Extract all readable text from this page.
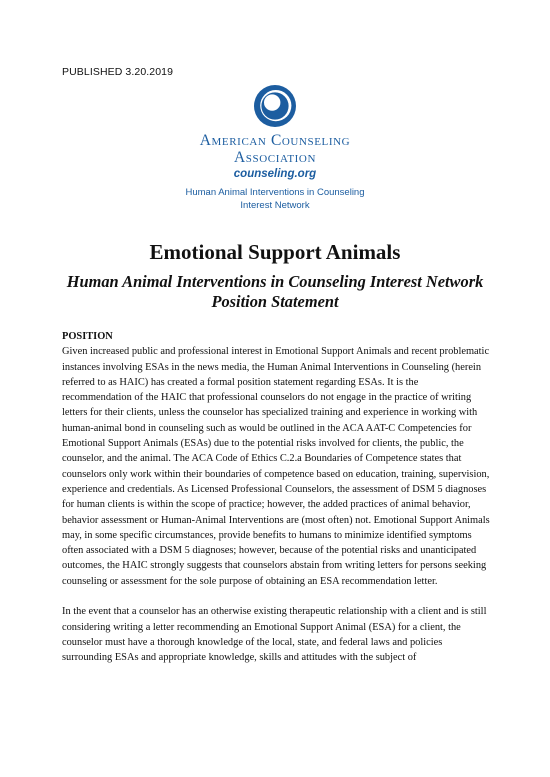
PUBLISHED 3.20.2019
American Counseling
Association
counseling.org
Human Animal Interventions in Counseling
Interest Network
Emotional Support Animals
Human Animal Interventions in Counseling Interest Network
Position Statement
POSITION

Given increased public and professional interest in Emotional Support Animals and recent problematic instances involving ESAs in the news media, the Human Animal Interventions in Counseling (herein referred to as HAIC) has created a formal position statement regarding ESAs. It is the recommendation of the HAIC that professional counselors do not engage in the practice of writing letters for their clients, unless the counselor has specialized training and experience in working with human-animal bond in counseling such as would be outlined in the ACA AAT-C Competencies for Emotional Support Animals (ESAs) due to the potential risks involved for clients, the public, the counselor, and the animal. The ACA Code of Ethics C.2.a Boundaries of Competence states that counselors only work within their boundaries of competence based on education, training, supervision, experience and credentials. As Licensed Professional Counselors, the assessment of DSM 5 diagnoses for human clients is within the scope of practice; however, the added practices of animal behavior, behavior assessment or Human-Animal Interventions are (most often) not. Emotional Support Animals may, in some specific circumstances, provide benefits to humans to minimize identified symptoms often associated with a DSM 5 diagnoses; however, because of the potential risks and unanticipated outcomes, the HAIC strongly suggests that counselors abstain from writing letters for persons seeking counseling or assessment for the sole purpose of obtaining an ESA recommendation letter.

In the event that a counselor has an otherwise existing therapeutic relationship with a client and is still considering writing a letter recommending an Emotional Support Animal (ESA) for a client, the counselor must have a thorough knowledge of the local, state, and federal laws and policies surrounding ESAs and appropriate knowledge, skills and attitudes with the subject of
